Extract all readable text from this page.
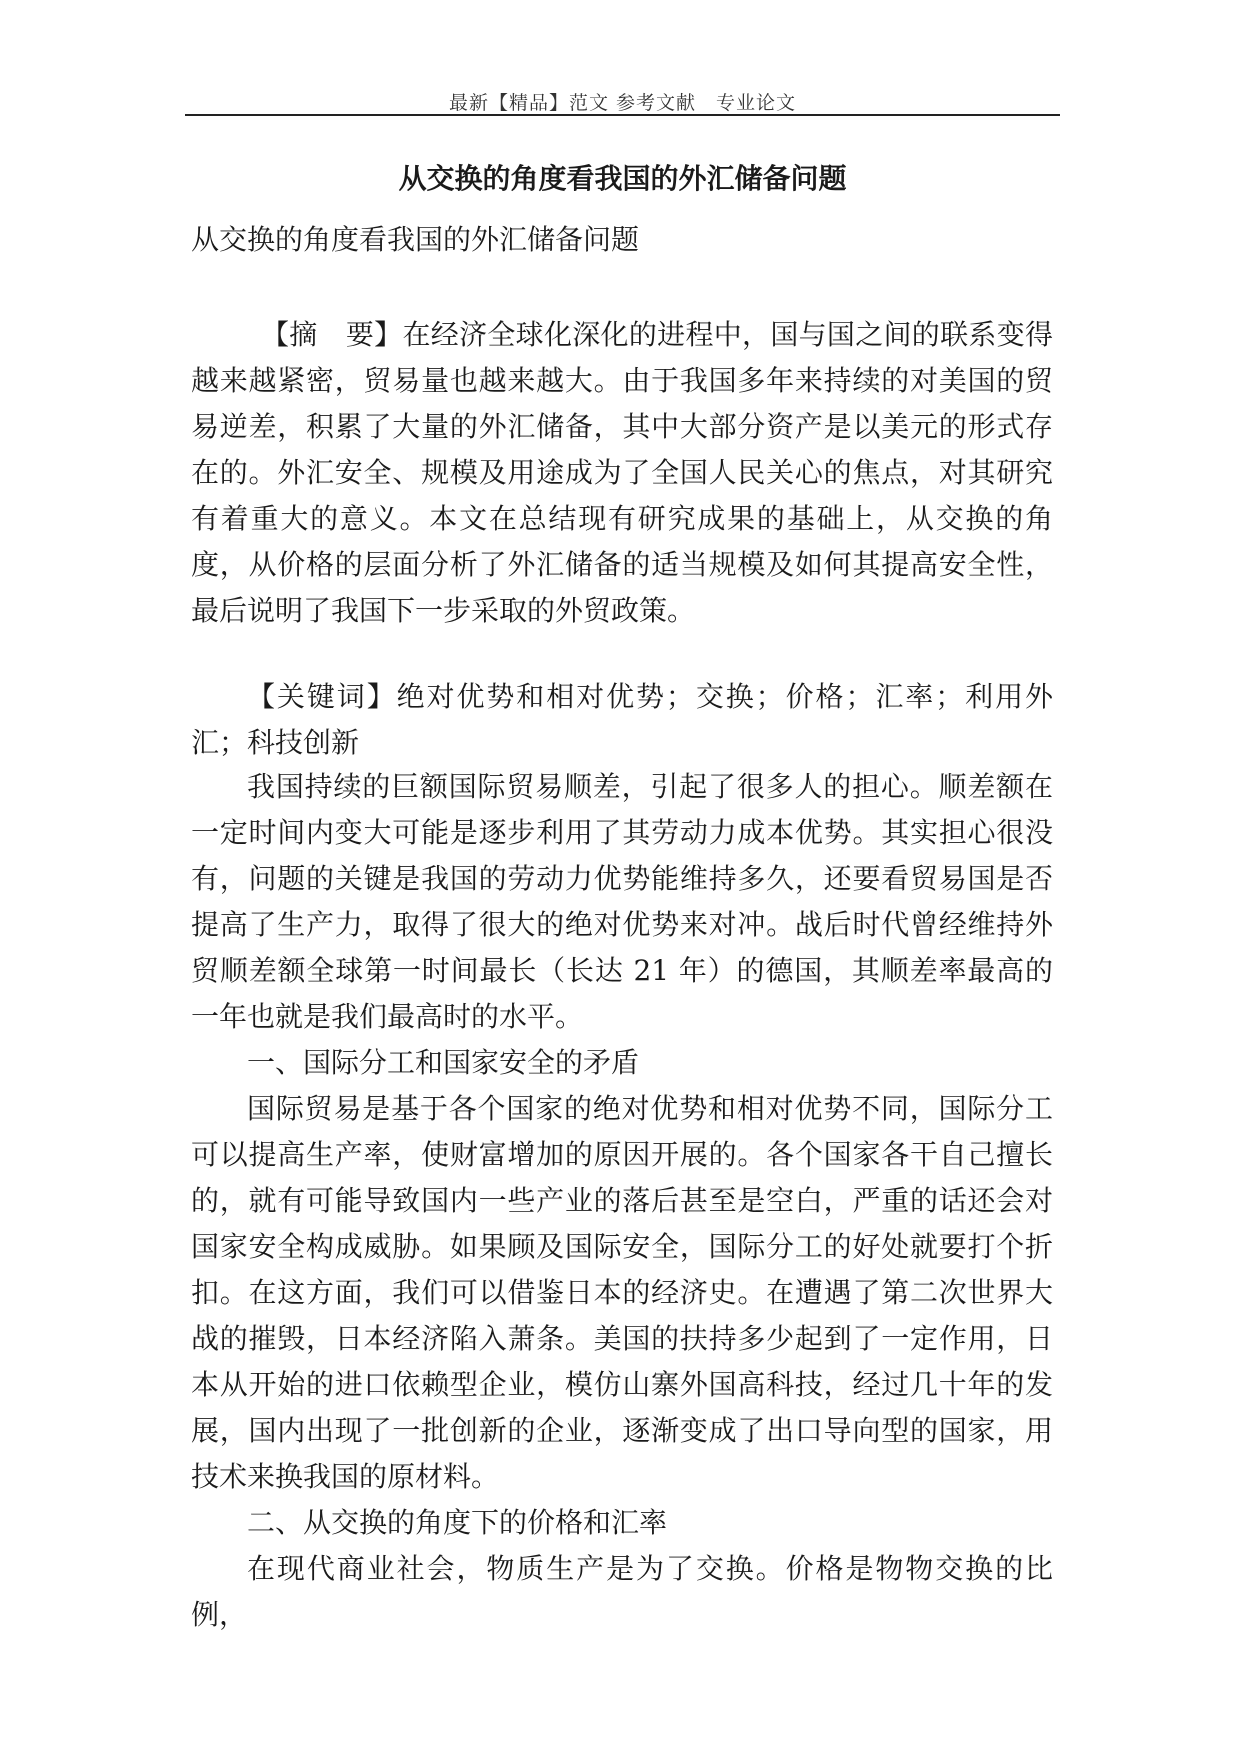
最新【精品】范文 参考文献　专业论文
从交换的角度看我国的外汇储备问题

从交换的角度看我国的外汇储备问题

【摘　要】在经济全球化深化的进程中，国与国之间的联系变得越来越紧密，贸易量也越来越大。由于我国多年来持续的对美国的贸易逆差，积累了大量的外汇储备，其中大部分资产是以美元的形式存在的。外汇安全、规模及用途成为了全国人民关心的焦点，对其研究有着重大的意义。本文在总结现有研究成果的基础上，从交换的角度，从价格的层面分析了外汇储备的适当规模及如何其提高安全性，最后说明了我国下一步采取的外贸政策。

【关键词】绝对优势和相对优势；交换；价格；汇率；利用外汇；科技创新

我国持续的巨额国际贸易顺差，引起了很多人的担心。顺差额在一定时间内变大可能是逐步利用了其劳动力成本优势。其实担心很没有，问题的关键是我国的劳动力优势能维持多久，还要看贸易国是否提高了生产力，取得了很大的绝对优势来对冲。战后时代曾经维持外贸顺差额全球第一时间最长（长达 21 年）的德国，其顺差率最高的一年也就是我们最高时的水平。

一、国际分工和国家安全的矛盾

国际贸易是基于各个国家的绝对优势和相对优势不同，国际分工可以提高生产率，使财富增加的原因开展的。各个国家各干自己擅长的，就有可能导致国内一些产业的落后甚至是空白，严重的话还会对国家安全构成威胁。如果顾及国际安全，国际分工的好处就要打个折扣。在这方面，我们可以借鉴日本的经济史。在遭遇了第二次世界大战的摧毁，日本经济陷入萧条。美国的扶持多少起到了一定作用，日本从开始的进口依赖型企业，模仿山寨外国高科技，经过几十年的发展，国内出现了一批创新的企业，逐渐变成了出口导向型的国家，用技术来换我国的原材料。

二、从交换的角度下的价格和汇率

在现代商业社会，物质生产是为了交换。价格是物物交换的比例，
